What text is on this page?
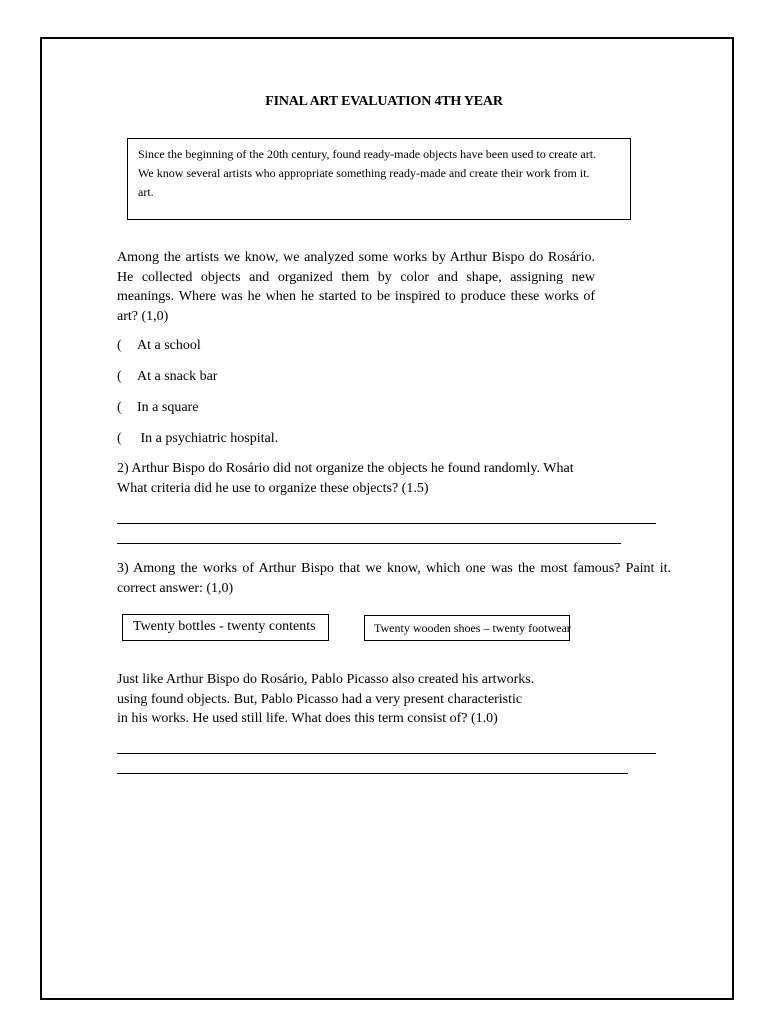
FINAL ART EVALUATION 4TH YEAR

Since the beginning of the 20th century, found ready-made objects have been used to create art.

We know several artists who appropriate something ready-made and create their work from it.

art.

Among the artists we know, we analyzed some works by Arthur Bispo do Rosário. He collected objects and organized them by color and shape, assigning new meanings. Where was he when he started to be inspired to produce these works of art? (1,0)

( At a school
( At a snack bar
( In a square
( In a psychiatric hospital.

2) Arthur Bispo do Rosário did not organize the objects he found randomly. What

What criteria did he use to organize these objects? (1.5)

3) Among the works of Arthur Bispo that we know, which one was the most famous? Paint it. correct answer: (1,0)

Twenty bottles - twenty contents	Twenty wooden shoes – twenty footwear

Just like Arthur Bispo do Rosário, Pablo Picasso also created his artworks.

using found objects. But, Pablo Picasso had a very present characteristic

in his works. He used still life. What does this term consist of? (1.0)
